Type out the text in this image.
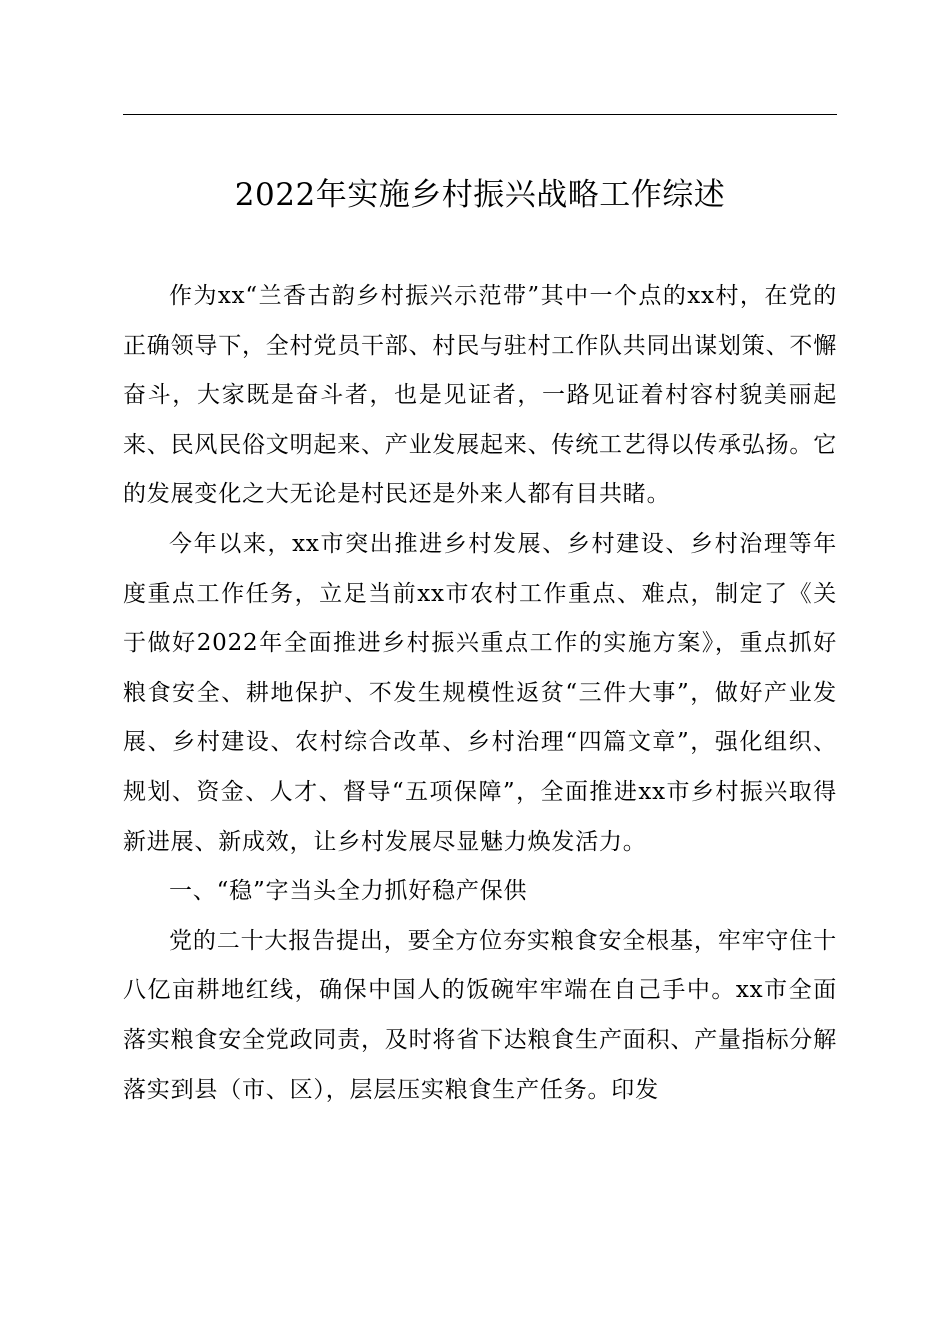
2022年实施乡村振兴战略工作综述

作为xx“兰香古韵乡村振兴示范带”其中一个点的xx村，在党的正确领导下，全村党员干部、村民与驻村工作队共同出谋划策、不懈奋斗，大家既是奋斗者，也是见证者，一路见证着村容村貌美丽起来、民风民俗文明起来、产业发展起来、传统工艺得以传承弘扬。它的发展变化之大无论是村民还是外来人都有目共睹。

今年以来，xx市突出推进乡村发展、乡村建设、乡村治理等年度重点工作任务，立足当前xx市农村工作重点、难点，制定了《关于做好2022年全面推进乡村振兴重点工作的实施方案》，重点抓好粮食安全、耕地保护、不发生规模性返贫“三件大事”，做好产业发展、乡村建设、农村综合改革、乡村治理“四篇文章”，强化组织、规划、资金、人才、督导“五项保障”，全面推进xx市乡村振兴取得新进展、新成效，让乡村发展尽显魅力焕发活力。

一、“稳”字当头全力抓好稳产保供

党的二十大报告提出，要全方位夯实粮食安全根基，牢牢守住十八亿亩耕地红线，确保中国人的饭碗牢牢端在自己手中。xx市全面落实粮食安全党政同责，及时将省下达粮食生产面积、产量指标分解落实到县（市、区），层层压实粮食生产任务。印发
